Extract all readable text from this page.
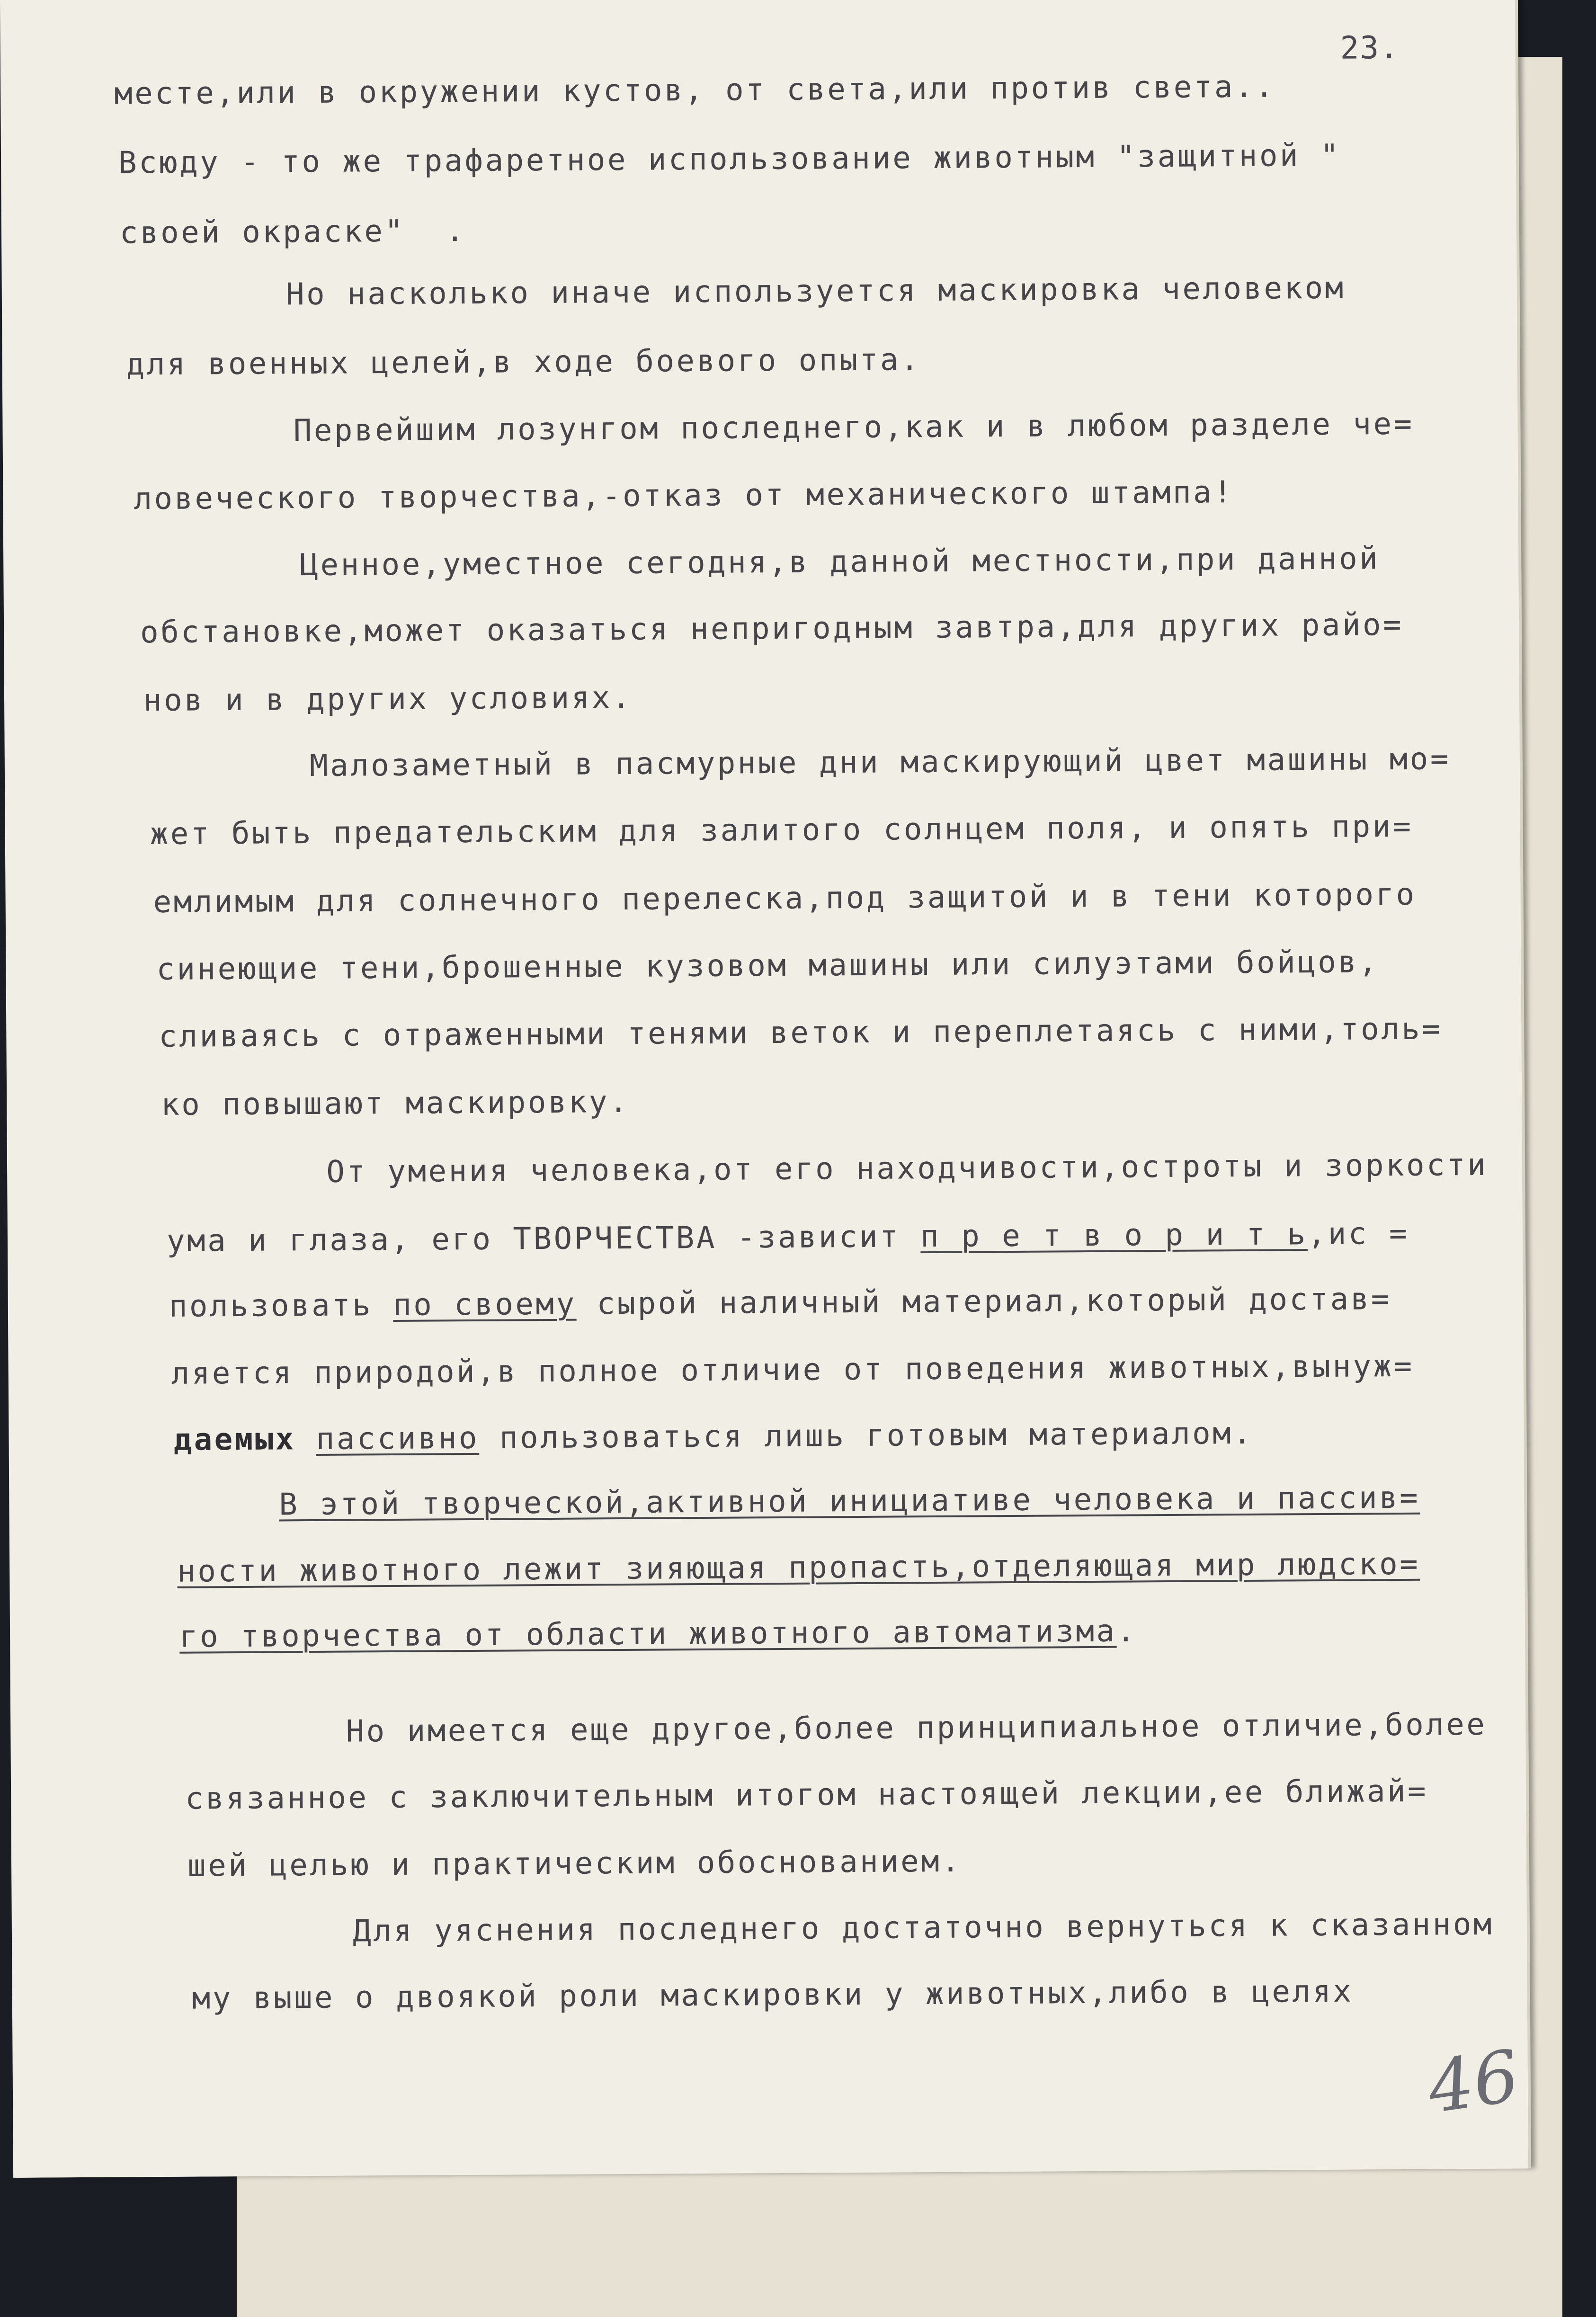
23.
месте,или в окружении кустов, от света,или против света..
Всюду - то же трафаретное использование животным "защитной "
своей окраске"  .
Но насколько иначе используется маскировка человеком
для военных целей,в ходе боевого опыта.
Первейшим лозунгом последнего,как и в любом разделе че=
ловеческого творчества,-отказ от механического штампа!
Ценное,уместное сегодня,в данной местности,при данной
обстановке,может оказаться непригодным завтра,для других райо=
нов и в других условиях.
Малозаметный в пасмурные дни маскирующий цвет машины мо=
жет быть предательским для залитого солнцем поля, и опять при=
емлимым для солнечного перелеска,под защитой и в тени которого
синеющие тени,брошенные кузовом машины или силуэтами бойцов,
сливаясь с отраженными тенями веток и переплетаясь с ними,толь=
ко повышают маскировку.
От умения человека,от его находчивости,остроты и зоркости
ума и глаза, его ТВОРЧЕСТВА -зависит п р е т в о р и т ь,ис =
пользовать по своему сырой наличный материал,который достав=
ляется природой,в полное отличие от поведения животных,вынуж=
даемых пассивно пользоваться лишь готовым материалом.
В этой творческой,активной инициативе человека и пассив=
ности животного лежит зияющая пропасть,отделяющая мир людско=
го творчества от области животного автоматизма.
Но имеется еще другое,более принципиальное отличие,более
связанное с заключительным итогом настоящей лекции,ее ближай=
шей целью и практическим обоснованием.
Для уяснения последнего достаточно вернуться к сказанном
му выше о двоякой роли маскировки у животных,либо в целях
46
